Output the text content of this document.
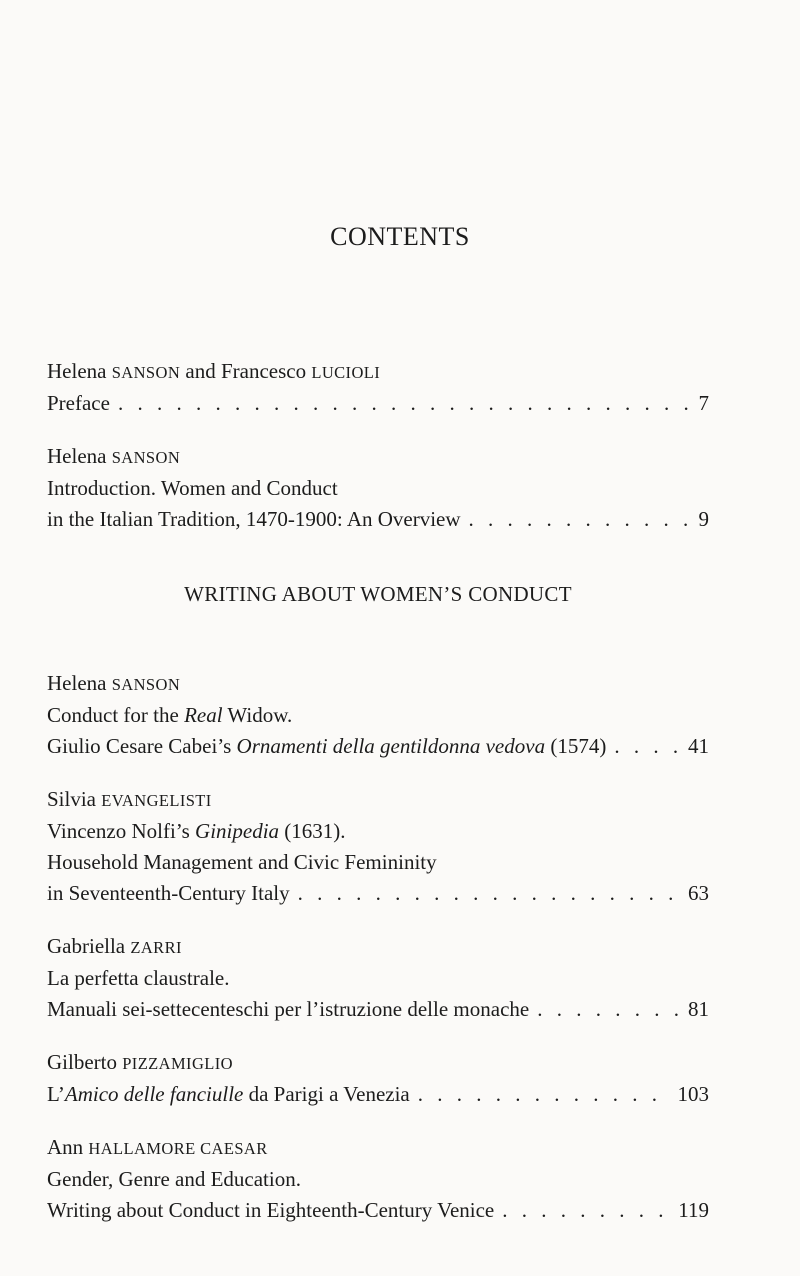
CONTENTS
Helena SANSON and Francesco LUCIOLI
Preface . . .	7
Helena SANSON
Introduction. Women and Conduct
in the Italian Tradition, 1470-1900: An Overview . . .	9
WRITING ABOUT WOMEN’S CONDUCT
Helena SANSON
Conduct for the Real Widow.
Giulio Cesare Cabei’s Ornamenti della gentildonna vedova (1574) . . .	41
Silvia EVANGELISTI
Vincenzo Nolfi’s Ginipedia (1631).
Household Management and Civic Femininity
in Seventeenth-Century Italy . . .	63
Gabriella ZARRI
La perfetta claustrale.
Manuali sei-settecenteschi per l’istruzione delle monache . . .	81
Gilberto PIZZAMIGLIO
L’Amico delle fanciulle da Parigi a Venezia . . .	103
Ann HALLAMORE CAESAR
Gender, Genre and Education.
Writing about Conduct in Eighteenth-Century Venice . . .	119
